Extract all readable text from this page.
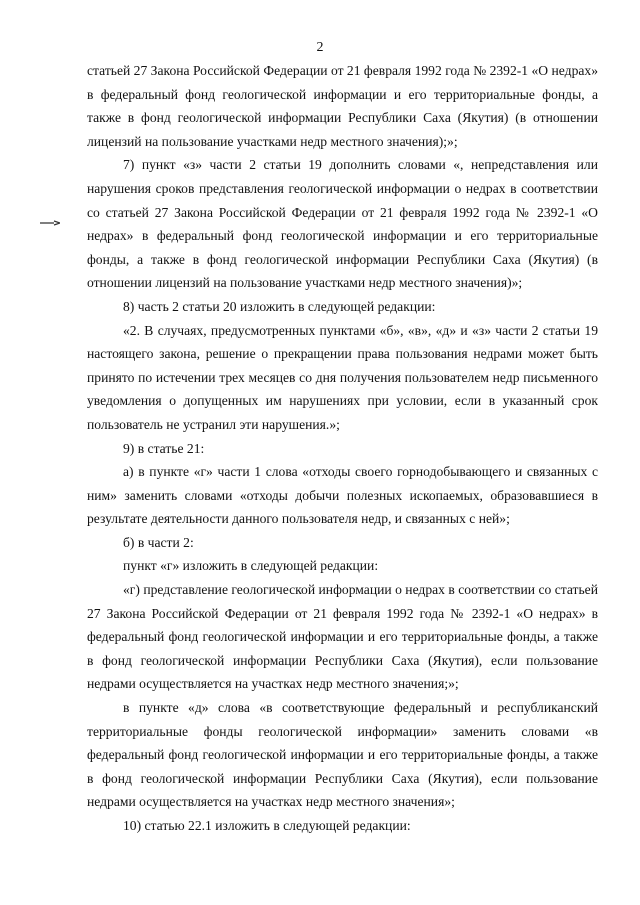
2

статьей 27 Закона Российской Федерации от 21 февраля 1992 года № 2392-1 «О недрах» в федеральный фонд геологической информации и его территориальные фонды, а также в фонд геологической информации Республики Саха (Якутия) (в отношении лицензий на пользование участками недр местного значения);»;

7) пункт «з» части 2 статьи 19 дополнить словами «, непредставления или нарушения сроков представления геологической информации о недрах в соответствии со статьей 27 Закона Российской Федерации от 21 февраля 1992 года № 2392-1 «О недрах» в федеральный фонд геологической информации и его территориальные фонды, а также в фонд геологической информации Республики Саха (Якутия) (в отношении лицензий на пользование участками недр местного значения)»;

8) часть 2 статьи 20 изложить в следующей редакции:

«2. В случаях, предусмотренных пунктами «б», «в», «д» и «з» части 2 статьи 19 настоящего закона, решение о прекращении права пользования недрами может быть принято по истечении трех месяцев со дня получения пользователем недр письменного уведомления о допущенных им нарушениях при условии, если в указанный срок пользователь не устранил эти нарушения.»;

9) в статье 21:

а) в пункте «г» части 1 слова «отходы своего горнодобывающего и связанных с ним» заменить словами «отходы добычи полезных ископаемых, образовавшиеся в результате деятельности данного пользователя недр, и связанных с ней»;

б) в части 2:

пункт «г» изложить в следующей редакции:

«г) представление геологической информации о недрах в соответствии со статьей 27 Закона Российской Федерации от 21 февраля 1992 года № 2392-1 «О недрах» в федеральный фонд геологической информации и его территориальные фонды, а также в фонд геологической информации Республики Саха (Якутия), если пользование недрами осуществляется на участках недр местного значения;»;

в пункте «д» слова «в соответствующие федеральный и республиканский территориальные фонды геологической информации» заменить словами «в федеральный фонд геологической информации и его территориальные фонды, а также в фонд геологической информации Республики Саха (Якутия), если пользование недрами осуществляется на участках недр местного значения»;

10) статью 22.1 изложить в следующей редакции:
